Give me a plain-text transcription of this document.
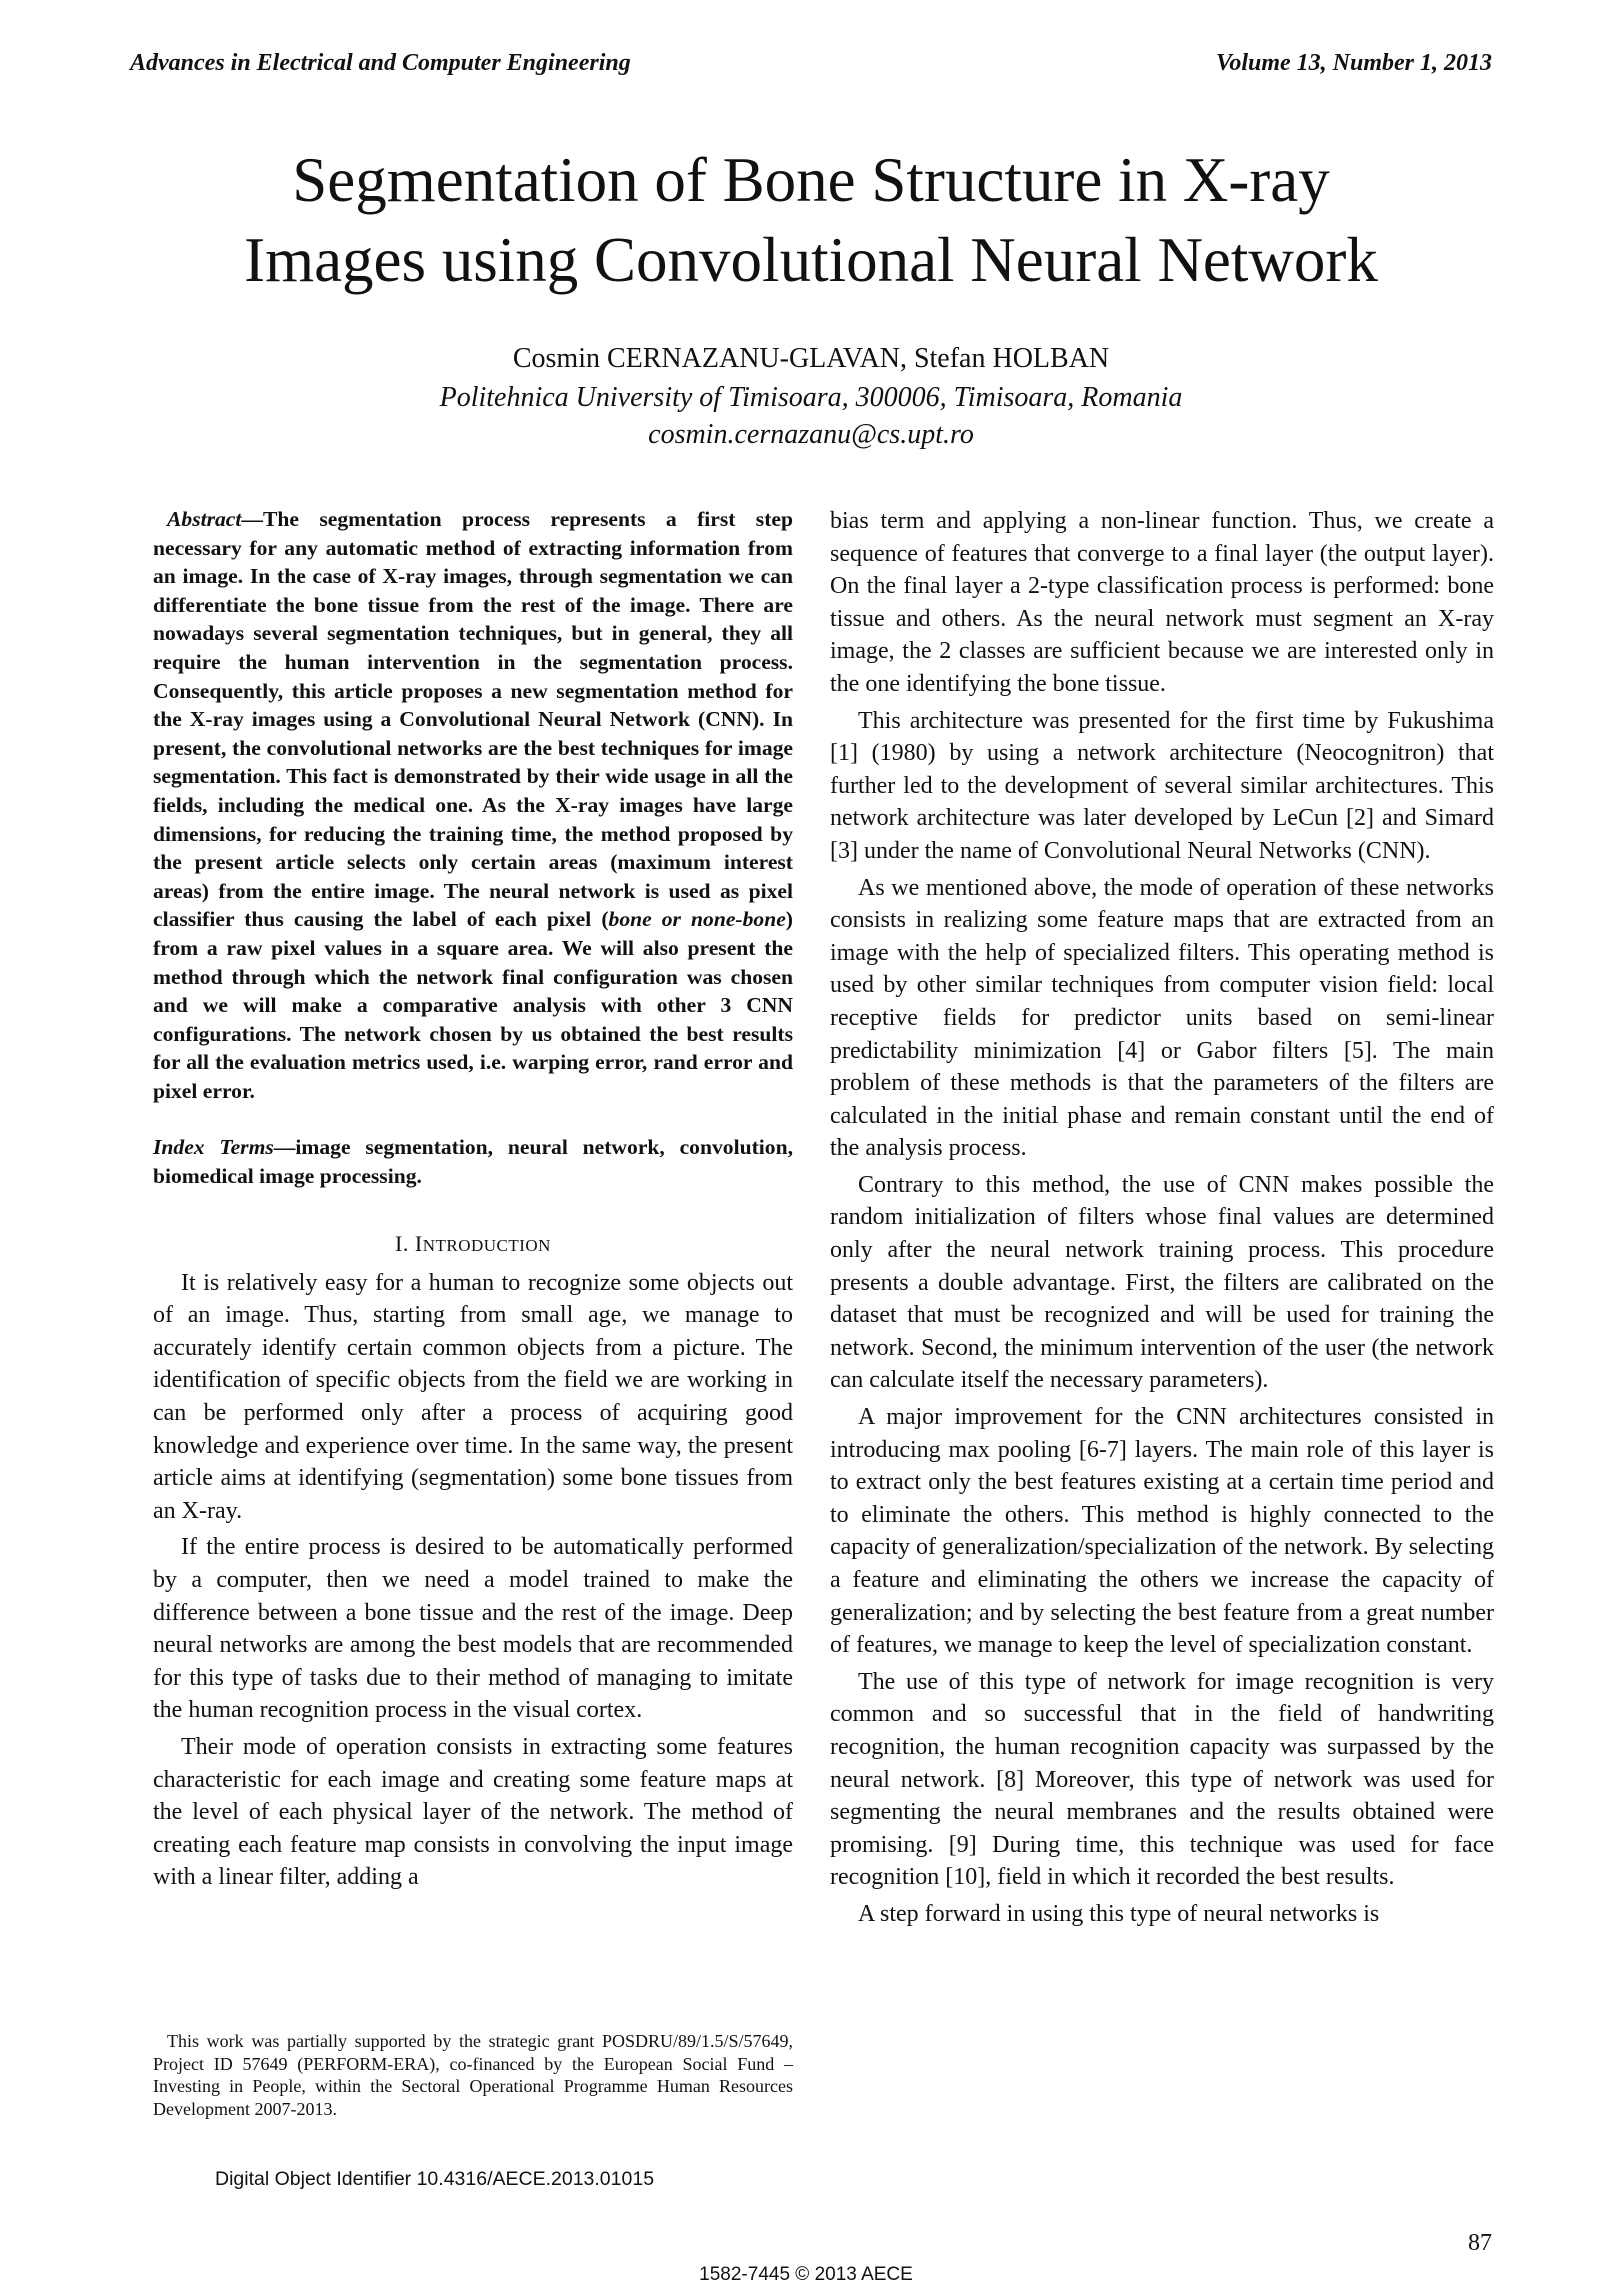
Advances in Electrical and Computer Engineering	Volume 13, Number 1, 2013
Segmentation of Bone Structure in X-ray
Images using Convolutional Neural Network
Cosmin CERNAZANU-GLAVAN, Stefan HOLBAN
Politehnica University of Timisoara, 300006, Timisoara, Romania
cosmin.cernazanu@cs.upt.ro

Abstract—The segmentation process represents a first step necessary for any automatic method of extracting information from an image. In the case of X-ray images, through segmentation we can differentiate the bone tissue from the rest of the image. There are nowadays several segmentation techniques, but in general, they all require the human intervention in the segmentation process. Consequently, this article proposes a new segmentation method for the X-ray images using a Convolutional Neural Network (CNN). In present, the convolutional networks are the best techniques for image segmentation. This fact is demonstrated by their wide usage in all the fields, including the medical one. As the X-ray images have large dimensions, for reducing the training time, the method proposed by the present article selects only certain areas (maximum interest areas) from the entire image. The neural network is used as pixel classifier thus causing the label of each pixel (bone or none-bone) from a raw pixel values in a square area. We will also present the method through which the network final configuration was chosen and we will make a comparative analysis with other 3 CNN configurations. The network chosen by us obtained the best results for all the evaluation metrics used, i.e. warping error, rand error and pixel error.

Index Terms—image segmentation, neural network, convolution, biomedical image processing.

I. INTRODUCTION

It is relatively easy for a human to recognize some objects out of an image. Thus, starting from small age, we manage to accurately identify certain common objects from a picture. The identification of specific objects from the field we are working in can be performed only after a process of acquiring good knowledge and experience over time. In the same way, the present article aims at identifying (segmentation) some bone tissues from an X-ray.

If the entire process is desired to be automatically performed by a computer, then we need a model trained to make the difference between a bone tissue and the rest of the image. Deep neural networks are among the best models that are recommended for this type of tasks due to their method of managing to imitate the human recognition process in the visual cortex.

Their mode of operation consists in extracting some features characteristic for each image and creating some feature maps at the level of each physical layer of the network. The method of creating each feature map consists in convolving the input image with a linear filter, adding a

bias term and applying a non-linear function. Thus, we create a sequence of features that converge to a final layer (the output layer). On the final layer a 2-type classification process is performed: bone tissue and others. As the neural network must segment an X-ray image, the 2 classes are sufficient because we are interested only in the one identifying the bone tissue.

This architecture was presented for the first time by Fukushima [1] (1980) by using a network architecture (Neocognitron) that further led to the development of several similar architectures. This network architecture was later developed by LeCun [2] and Simard [3] under the name of Convolutional Neural Networks (CNN).

As we mentioned above, the mode of operation of these networks consists in realizing some feature maps that are extracted from an image with the help of specialized filters. This operating method is used by other similar techniques from computer vision field: local receptive fields for predictor units based on semi-linear predictability minimization [4] or Gabor filters [5]. The main problem of these methods is that the parameters of the filters are calculated in the initial phase and remain constant until the end of the analysis process.

Contrary to this method, the use of CNN makes possible the random initialization of filters whose final values are determined only after the neural network training process. This procedure presents a double advantage. First, the filters are calibrated on the dataset that must be recognized and will be used for training the network. Second, the minimum intervention of the user (the network can calculate itself the necessary parameters).

A major improvement for the CNN architectures consisted in introducing max pooling [6-7] layers. The main role of this layer is to extract only the best features existing at a certain time period and to eliminate the others. This method is highly connected to the capacity of generalization/specialization of the network. By selecting a feature and eliminating the others we increase the capacity of generalization; and by selecting the best feature from a great number of features, we manage to keep the level of specialization constant.

The use of this type of network for image recognition is very common and so successful that in the field of handwriting recognition, the human recognition capacity was surpassed by the neural network. [8] Moreover, this type of network was used for segmenting the neural membranes and the results obtained were promising. [9] During time, this technique was used for face recognition [10], field in which it recorded the best results.

A step forward in using this type of neural networks is

This work was partially supported by the strategic grant POSDRU/89/1.5/S/57649, Project ID 57649 (PERFORM-ERA), co-financed by the European Social Fund – Investing in People, within the Sectoral Operational Programme Human Resources Development 2007-2013.

Digital Object Identifier 10.4316/AECE.2013.01015
87
1582-7445 © 2013 AECE
